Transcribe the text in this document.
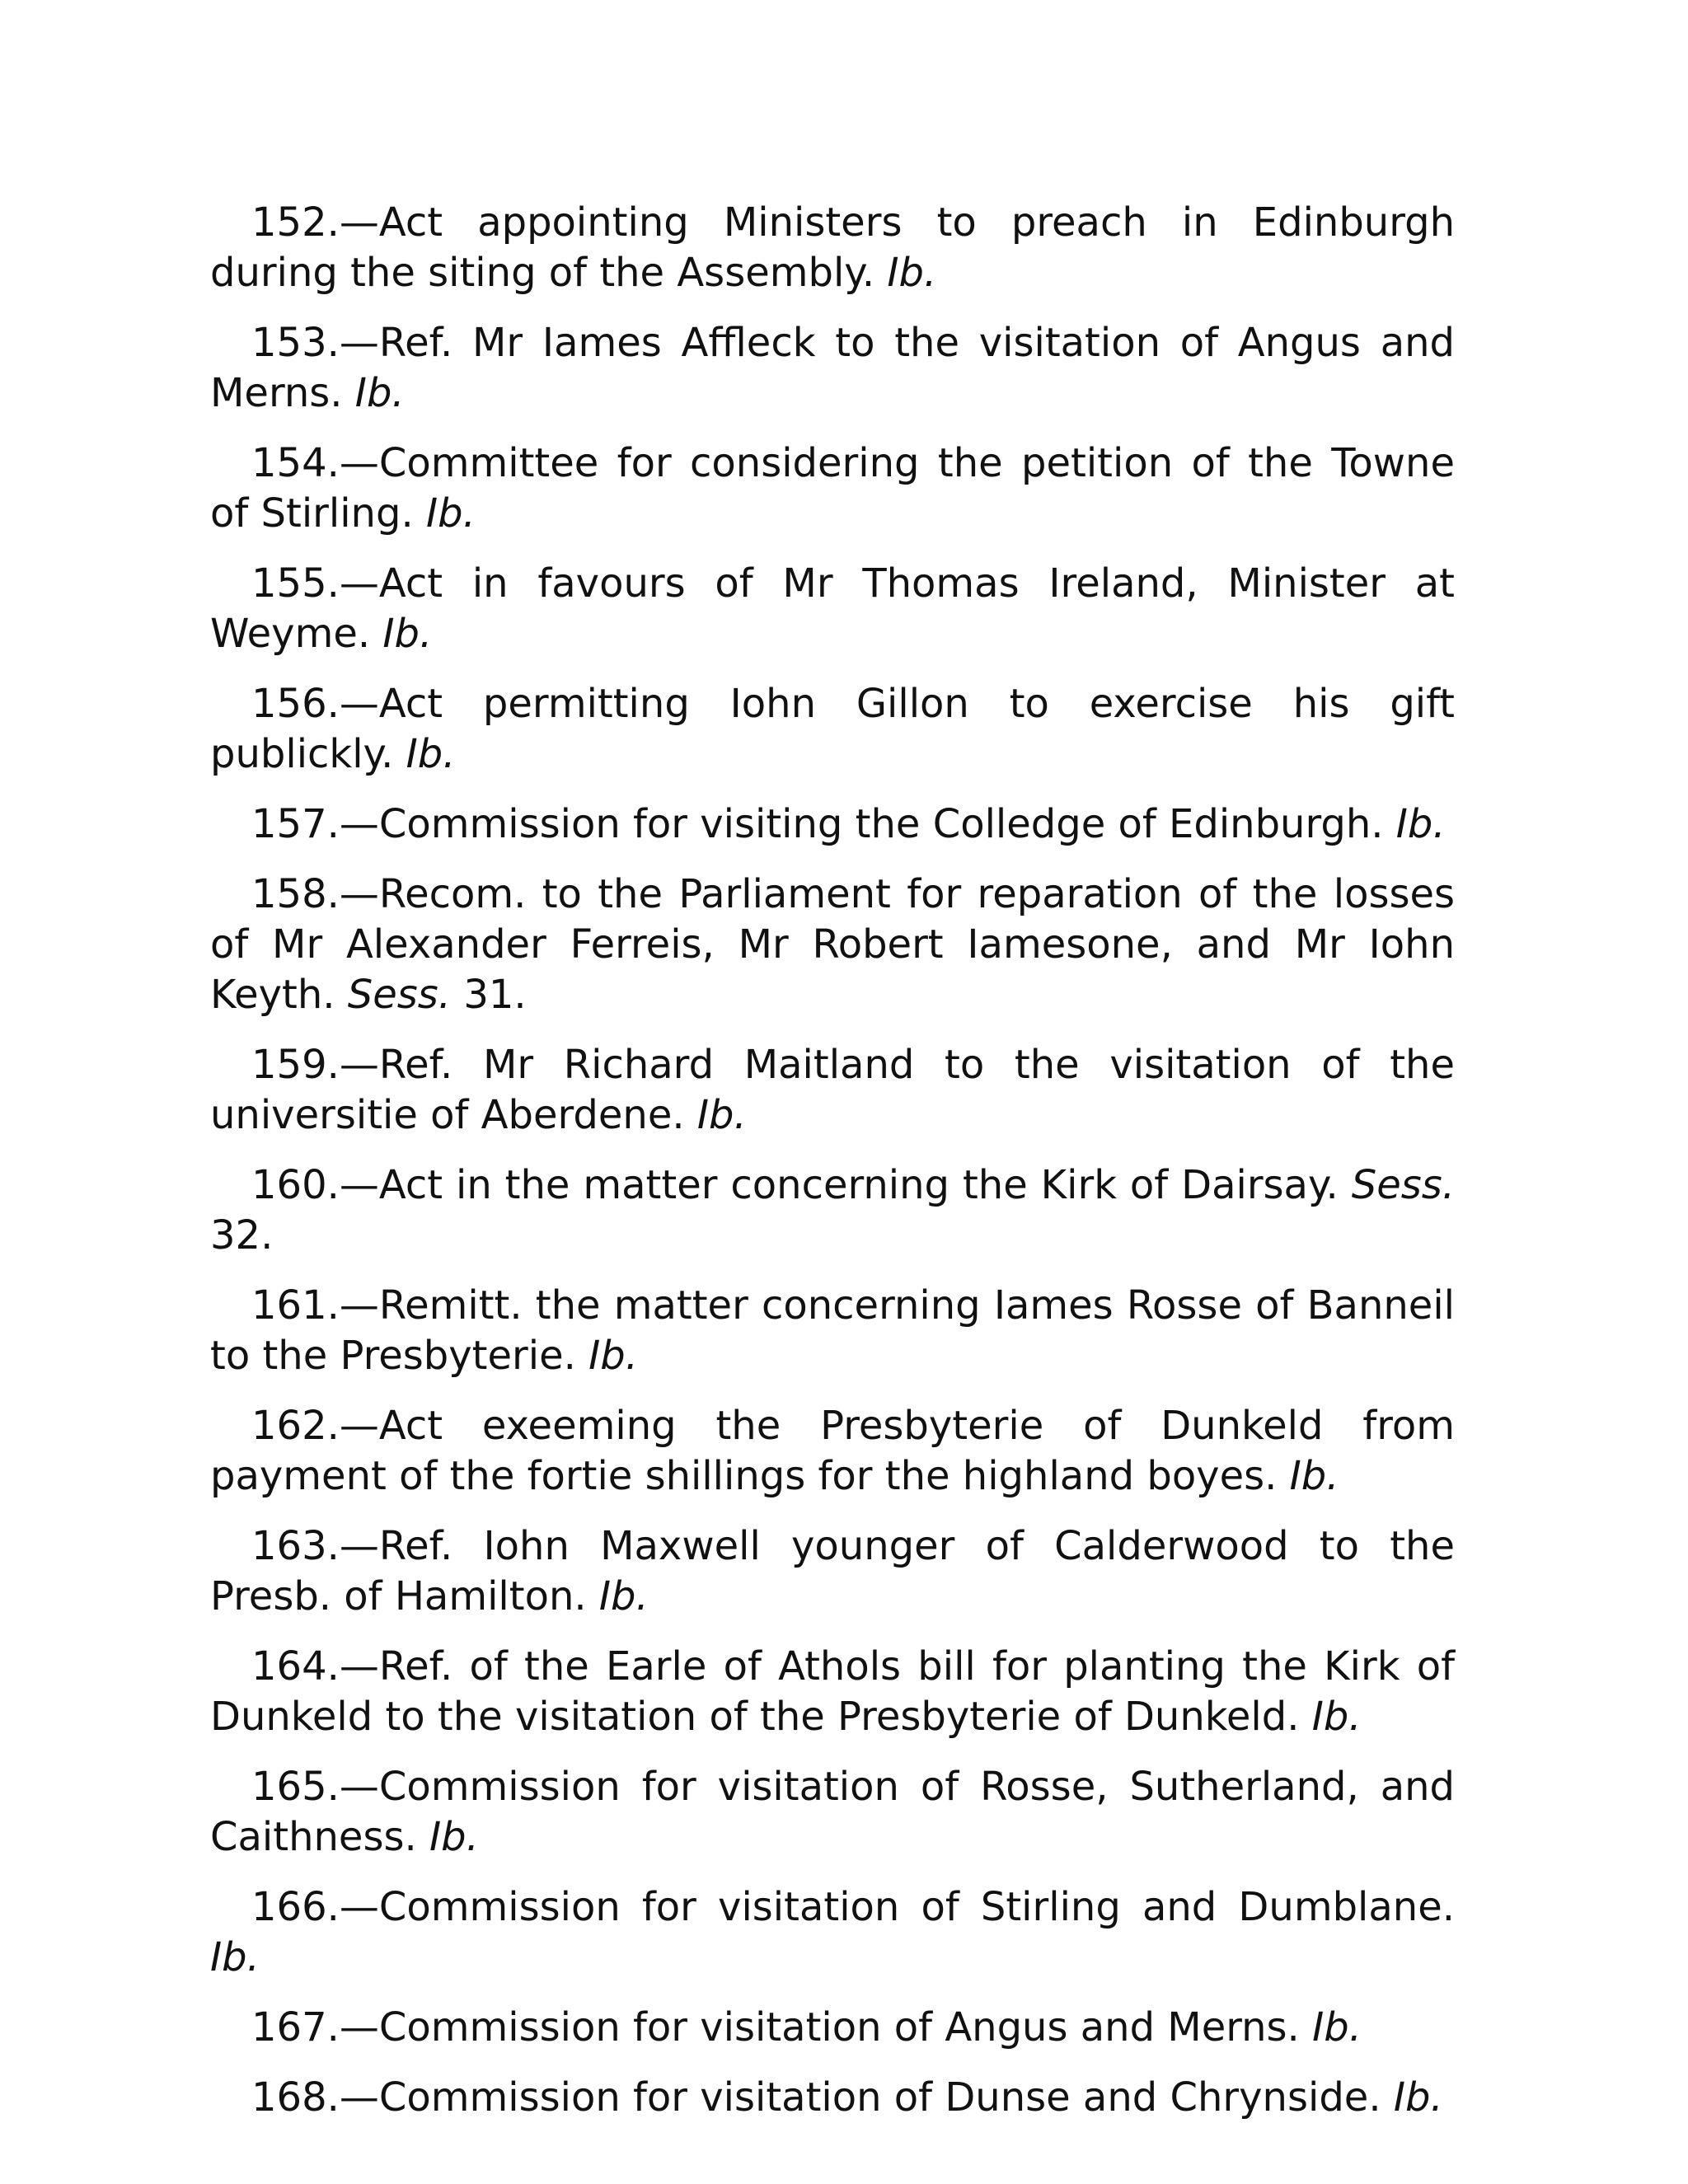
152.—Act appointing Ministers to preach in Edinburgh during the siting of the Assembly. Ib.

153.—Ref. Mr Iames Affleck to the visitation of Angus and Merns. Ib.

154.—Committee for considering the petition of the Towne of Stirling. Ib.

155.—Act in favours of Mr Thomas Ireland, Minister at Weyme. Ib.

156.—Act permitting Iohn Gillon to exercise his gift publickly. Ib.

157.—Commission for visiting the Colledge of Edinburgh. Ib.

158.—Recom. to the Parliament for reparation of the losses of Mr Alexander Ferreis, Mr Robert Iamesone, and Mr Iohn Keyth. Sess. 31.

159.—Ref. Mr Richard Maitland to the visitation of the universitie of Aberdene. Ib.

160.—Act in the matter concerning the Kirk of Dairsay. Sess. 32.

161.—Remitt. the matter concerning Iames Rosse of Banneil to the Presbyterie. Ib.

162.—Act exeeming the Presbyterie of Dunkeld from payment of the fortie shillings for the highland boyes. Ib.

163.—Ref. Iohn Maxwell younger of Calderwood to the Presb. of Hamilton. Ib.

164.—Ref. of the Earle of Athols bill for planting the Kirk of Dunkeld to the visitation of the Presbyterie of Dunkeld. Ib.

165.—Commission for visitation of Rosse, Sutherland, and Caithness. Ib.

166.—Commission for visitation of Stirling and Dumblane. Ib.

167.—Commission for visitation of Angus and Merns. Ib.

168.—Commission for visitation of Dunse and Chrynside. Ib.
